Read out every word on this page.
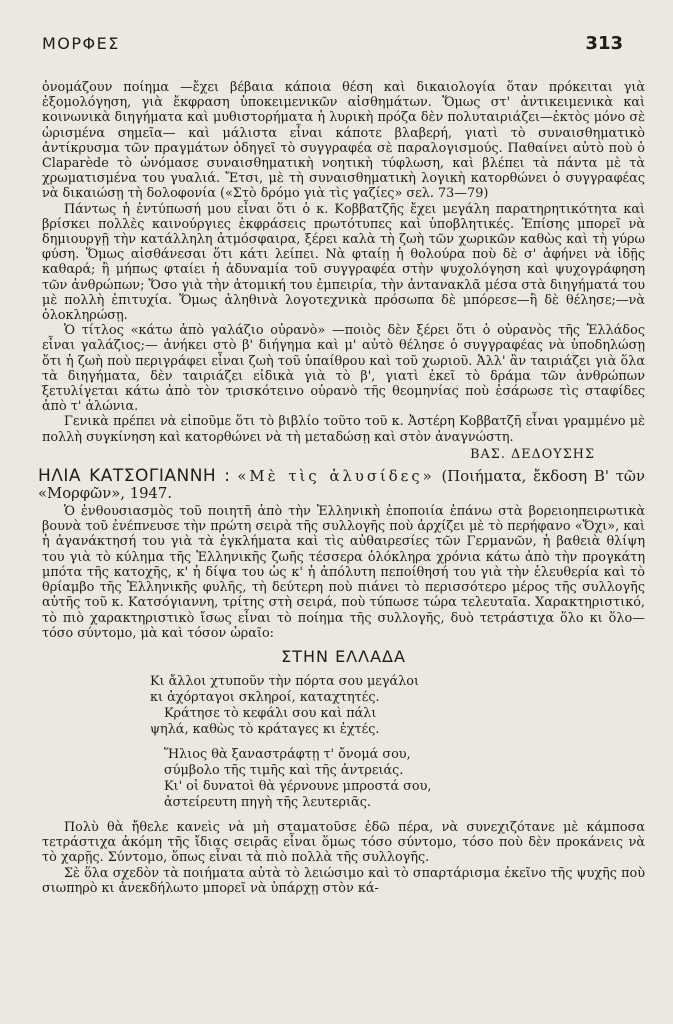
ΜΟΡΦΕΣ	313

ὀνομάζουν ποίημα —ἔχει βέβαια κάποια θέση καὶ δικαιολογία ὅταν πρόκειται γιὰ ἐξομολόγηση, γιὰ ἔκφραση ὑποκειμενικῶν αἰσθημάτων. Ὅμως στ' ἀντικειμενικὰ καὶ κοινωνικὰ διηγήματα καὶ μυθιστορήματα ἡ λυρικὴ πρόζα δὲν πολυταιριάζει—ἐκτὸς μόνο σὲ ὡρισμένα σημεῖα— καὶ μάλιστα εἶναι κάποτε βλαβερή, γιατὶ τὸ συναισθηματικὸ ἀντίκρυσμα τῶν πραγμάτων ὁδηγεῖ τὸ συγγραφέα σὲ παραλογισμούς. Παθαίνει αὐτὸ ποὺ ὁ Claparède τὸ ὠνόμασε συναισθηματικὴ νοητικὴ τύφλωση, καὶ βλέπει τὰ πάντα μὲ τὰ χρωματισμένα του γυαλιά. Ἔτσι, μὲ τὴ συναισθηματικὴ λογικὴ κατορθώνει ὁ συγγραφέας νὰ δικαιώσῃ τὴ δολοφονία («Στὸ δρόμο γιὰ τὶς γαζίες» σελ. 73—79)

Πάντως ἡ ἐντύπωσή μου εἶναι ὅτι ὁ κ. Κοββατζῆς ἔχει μεγάλη παρατηρητικότητα καὶ βρίσκει πολλὲς καινούργιες ἐκφράσεις πρωτότυπες καὶ ὑποβλητικές. Ἐπίσης μπορεῖ νὰ δημιουργῇ τὴν κατάλληλη ἀτμόσφαιρα, ξέρει καλὰ τὴ ζωὴ τῶν χωρικῶν καθὼς καὶ τὴ γύρω φύση. Ὅμως αἰσθάνεσαι ὅτι κάτι λείπει. Νὰ φταίῃ ἡ θολούρα ποὺ δὲ σ' ἀφήνει νὰ ἰδῇς καθαρά; ἢ μήπως φταίει ἡ ἀδυναμία τοῦ συγγραφέα στὴν ψυχολόγηση καὶ ψυχογράφηση τῶν ἀνθρώπων; Ὅσο γιὰ τὴν ἀτομική του ἐμπειρία, τὴν ἀντανακλᾶ μέσα στὰ διηγήματά του μὲ πολλὴ ἐπιτυχία. Ὅμως ἀληθινὰ λογοτεχνικὰ πρόσωπα δὲ μπόρεσε—ἢ δὲ θέλησε;—νὰ ὁλοκληρώσῃ.

Ὁ τίτλος «κάτω ἀπὸ γαλάζιο οὐρανὸ» —ποιὸς δὲν ξέρει ὅτι ὁ οὐρανὸς τῆς Ἑλλάδος εἶναι γαλάζιος;— ἀνήκει στὸ β' διήγημα καὶ μ' αὐτὸ θέλησε ὁ συγγραφέας νὰ ὑποδηλώσῃ ὅτι ἡ ζωὴ ποὺ περιγράφει εἶναι ζωὴ τοῦ ὑπαίθρου καὶ τοῦ χωριοῦ. Ἀλλ' ἂν ταιριάζει γιὰ ὅλα τὰ διηγήματα, δὲν ταιριάζει εἰδικὰ γιὰ τὸ β', γιατὶ ἐκεῖ τὸ δράμα τῶν ἀνθρώπων ξετυλίγεται κάτω ἀπὸ τὸν τρισκότεινο οὐρανὸ τῆς θεομηνίας ποὺ ἐσάρωσε τὶς σταφίδες ἀπὸ τ' ἁλώνια.

Γενικὰ πρέπει νὰ εἰποῦμε ὅτι τὸ βιβλίο τοῦτο τοῦ κ. Ἀστέρη Κοββατζῆ εἶναι γραμμένο μὲ πολλὴ συγκίνηση καὶ κατορθώνει νὰ τὴ μεταδώσῃ καὶ στὸν ἀναγνώστη.

ΒΑΣ. ΔΕΔΟΥΣΗΣ
ΗΛΙΑ ΚΑΤΣΟΓΙΑΝΝΗ : «Μὲ τὶς ἁλυσίδες» (Ποιήματα, ἔκδοση Β' τῶν «Μορφῶν», 1947.

Ὁ ἐνθουσιασμὸς τοῦ ποιητῆ ἀπὸ τὴν Ἑλληνικὴ ἐποποιία ἐπάνω στὰ βορειοηπειρωτικὰ βουνὰ τοῦ ἐνέπνευσε τὴν πρώτη σειρὰ τῆς συλλογῆς ποὺ ἀρχίζει μὲ τὸ περήφανο «Ὄχι», καὶ ἡ ἀγανάκτησή του γιὰ τὰ ἐγκλήματα καὶ τὶς αὐθαιρεσίες τῶν Γερμανῶν, ἡ βαθειὰ θλίψη του γιὰ τὸ κύλημα τῆς Ἑλληνικῆς ζωῆς τέσσερα ὁλόκληρα χρόνια κάτω ἀπὸ τὴν προγκάτη μπότα τῆς κατοχῆς, κ' ἡ δίψα του ὡς κ' ἡ ἀπόλυτη πεποίθησή του γιὰ τὴν ἐλευθερία καὶ τὸ θρίαμβο τῆς Ἑλληνικῆς φυλῆς, τὴ δεύτερη ποὺ πιάνει τὸ περισσότερο μέρος τῆς συλλογῆς αὐτῆς τοῦ κ. Κατσόγιαννη, τρίτης στὴ σειρά, ποὺ τύπωσε τώρα τελευταῖα. Χαρακτηριστικό, τὸ πιὸ χαρακτηριστικὸ ἴσως εἶναι τὸ ποίημα τῆς συλλογῆς, δυὸ τετράστιχα ὅλο κι ὅλο—τόσο σύντομο, μὰ καὶ τόσον ὡραῖο:

ΣΤΗΝ ΕΛΛΑΔΑ
Κι ἄλλοι χτυποῦν τὴν πόρτα σου μεγάλοι
κι ἀχόρταγοι σκληροί, καταχτητές.
Κράτησε τὸ κεφάλι σου καὶ πάλι
ψηλά, καθὼς τὸ κράταγες κι ἐχτές.
Ἥλιος θὰ ξαναστράφτῃ τ' ὄνομά σου,
σύμβολο τῆς τιμῆς καὶ τῆς ἀντρειάς.
Κι' οἱ δυνατοὶ θὰ γέρνουνε μπροστά σου,
ἀστείρευτη πηγὴ τῆς λευτεριᾶς.

Πολὺ θὰ ἤθελε κανεὶς νὰ μὴ σταματοῦσε ἐδῶ πέρα, νὰ συνεχιζότανε μὲ κάμποσα τετράστιχα ἀκόμη τῆς ἴδιας σειρᾶς εἶναι ὅμως τόσο σύντομο, τόσο ποὺ δὲν προκάνεις νὰ τὸ χαρῇς. Σύντομο, ὅπως εἶναι τὰ πιὸ πολλὰ τῆς συλλογῆς.

Σὲ ὅλα σχεδὸν τὰ ποιήματα αὐτὰ τὸ λειώσιμο καὶ τὸ σπαρτάρισμα ἐκεῖνο τῆς ψυχῆς ποὺ σιωπηρὸ κι ἀνεκδήλωτο μπορεῖ νὰ ὑπάρχῃ στὸν κά-
